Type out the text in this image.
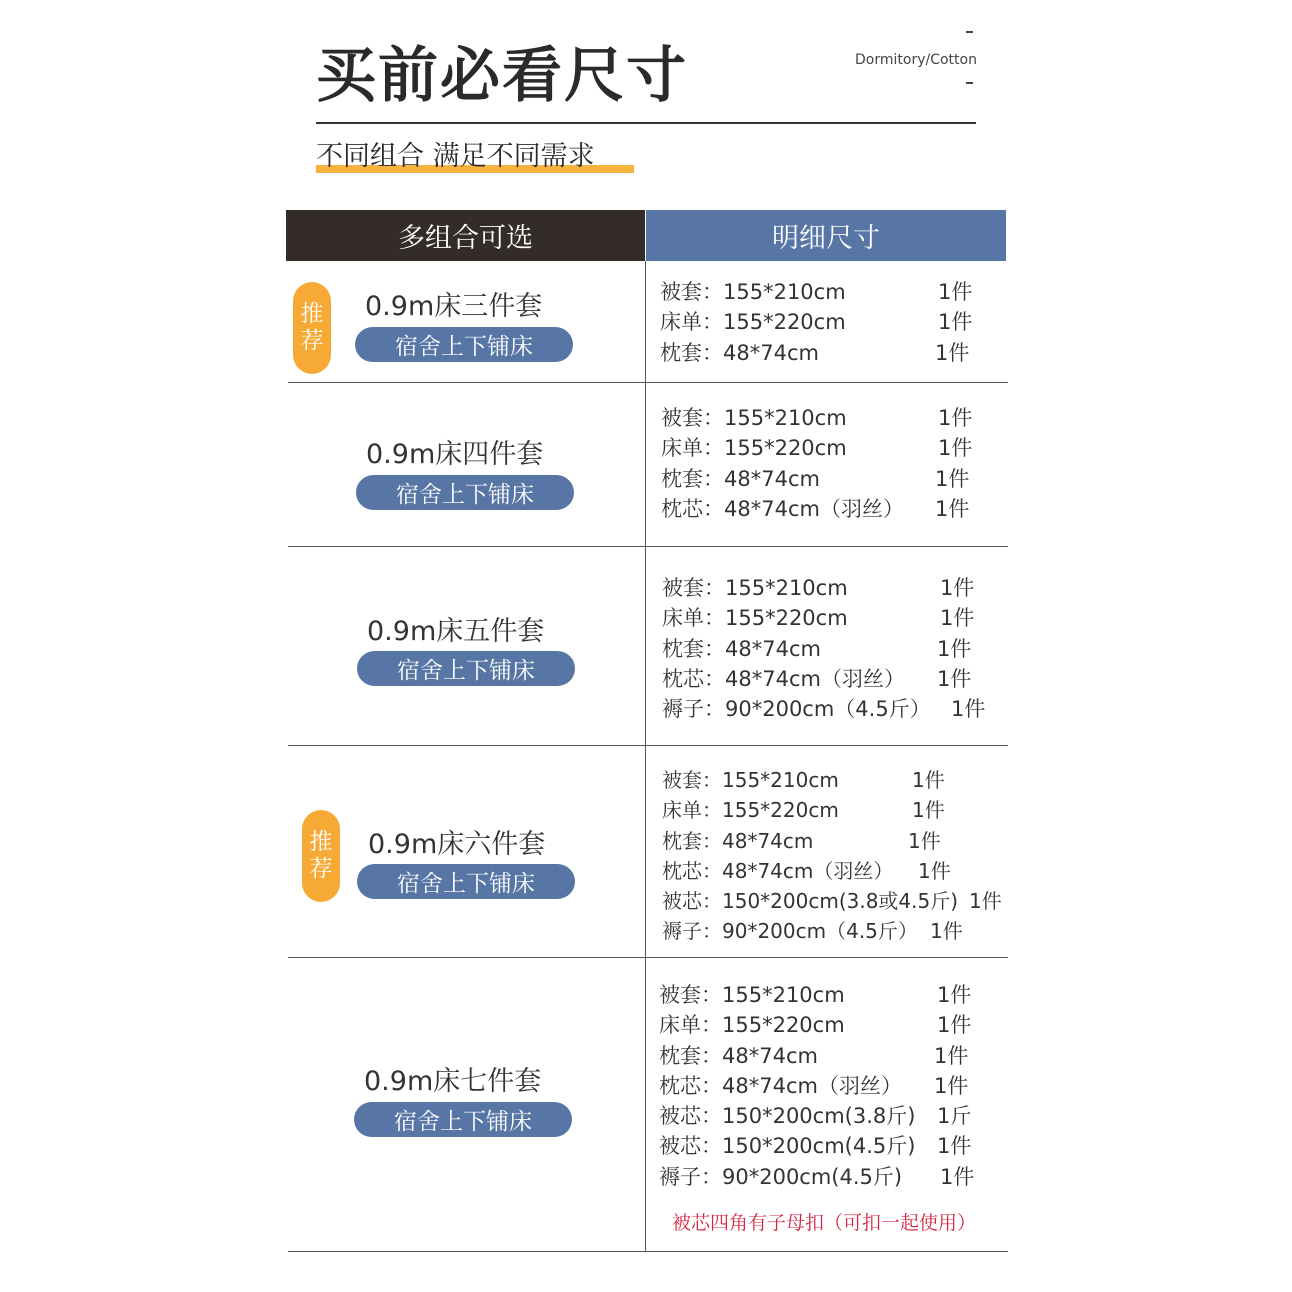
买前必看尺寸	Dormitory/Cotton
不同组合 满足不同需求
多组合可选	明细尺寸
推
荐
0.9m床三件套
宿舍上下铺床
被套：155*210cm	1件
床单：155*220cm	1件
枕套：48*74cm	1件
0.9m床四件套
宿舍上下铺床
被套：155*210cm	1件
床单：155*220cm	1件
枕套：48*74cm	1件
枕芯：48*74cm（羽丝） 1件
0.9m床五件套
宿舍上下铺床
被套：155*210cm	1件
床单：155*220cm	1件
枕套：48*74cm	1件
枕芯：48*74cm（羽丝） 1件
褥子：90*200cm（4.5斤） 1件
推
荐
0.9m床六件套
宿舍上下铺床
被套：155*210cm	1件
床单：155*220cm	1件
枕套：48*74cm	1件
枕芯：48*74cm（羽丝） 1件
被芯：150*200cm(3.8或4.5斤) 1件
褥子：90*200cm（4.5斤） 1件
0.9m床七件套
宿舍上下铺床
被套：155*210cm	1件
床单：155*220cm	1件
枕套：48*74cm	1件
枕芯：48*74cm（羽丝） 1件
被芯：150*200cm(3.8斤) 1斤
被芯：150*200cm(4.5斤) 1件
褥子：90*200cm(4.5斤) 1件
被芯四角有子母扣（可扣一起使用）
